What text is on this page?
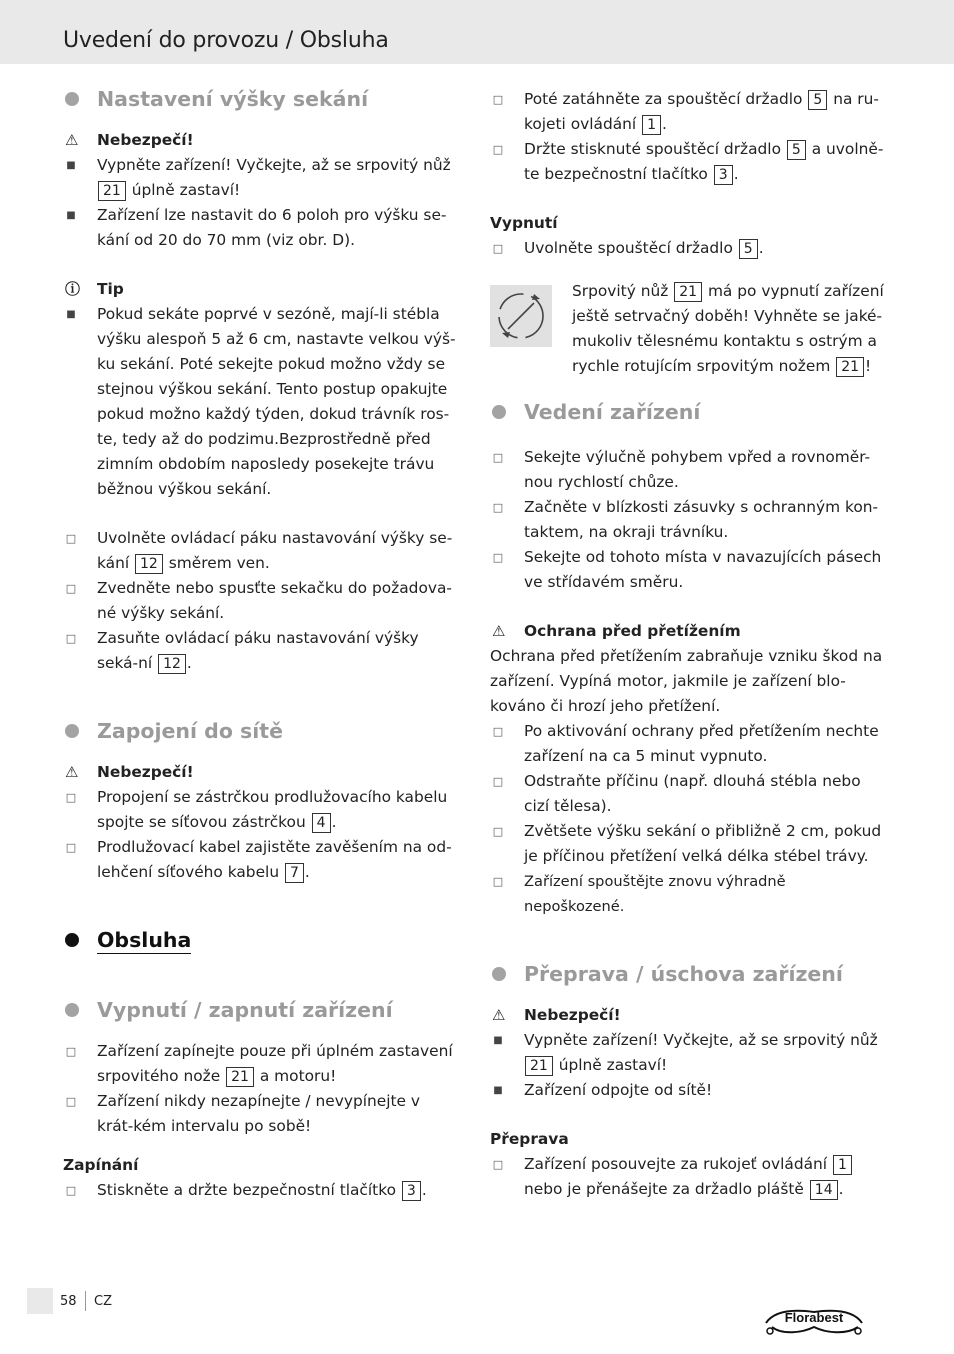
Uvedení do provozu / Obsluha
Nastavení výšky sekání
⚠ Nebezpečí!
■ Vypněte zařízení! Vyčkejte, až se srpovitý nůž 21 úplně zastaví!
■ Zařízení lze nastavit do 6 poloh pro výšku se-kání od 20 do 70 mm (viz obr. D).
ⓘ Tip
■ Pokud sekáte poprvé v sezóně, mají-li stébla výšku alespoň 5 až 6 cm, nastavte velkou výš-ku sekání. Poté sekejte pokud možno vždy se stejnou výškou sekání. Tento postup opakujte pokud možno každý týden, dokud trávník ros-te, tedy až do podzimu.Bezprostředně před zimním obdobím naposledy posekejte trávu běžnou výškou sekání.
□ Uvolněte ovládací páku nastavování výšky se-kání 12 směrem ven.
□ Zvedněte nebo spusťte sekačku do požadova-né výšky sekání.
□ Zasuňte ovládací páku nastavování výšky seká-ní 12 .
Zapojení do sítě
⚠ Nebezpečí!
□ Propojení se zástrčkou prodlužovacího kabelu spojte se síťovou zástrčkou 4 .
□ Prodlužovací kabel zajistěte zavěšením na od-lehčení síťového kabelu 7 .
Obsluha
Vypnutí / zapnutí zařízení
□ Zařízení zapínejte pouze při úplném zastavení srpovitého nože 21 a motoru!
□ Zařízení nikdy nezapínejte / nevypínejte v krát-kém intervalu po sobě!
Zapínání
□ Stiskněte a držte bezpečnostní tlačítko 3 .
□ Poté zatáhněte za spouštěcí držadlo 5 na ru-kojeti ovládání 1 .
□ Držte stisknuté spouštěcí držadlo 5 a uvolně-te bezpečnostní tlačítko 3 .
Vypnutí
□ Uvolněte spouštěcí držadlo 5 .
Srpovitý nůž 21 má po vypnutí zařízení ještě setrvačný doběh! Vyhněte se jaké-mukoliv tělesnému kontaktu s ostrým a rychle rotujícím srpovitým nožem 21 !
Vedení zařízení
□ Sekejte výlučně pohybem vpřed a rovnoměr-nou rychlostí chůze.
□ Začněte v blízkosti zásuvky s ochranným kon-taktem, na okraji trávníku.
□ Sekejte od tohoto místa v navazujících pásech ve střídavém směru.
⚠ Ochrana před přetížením
Ochrana před přetížením zabraňuje vzniku škod na zařízení. Vypíná motor, jakmile je zařízení blo-kováno či hrozí jeho přetížení.
□ Po aktivování ochrany před přetížením nechte zařízení na ca 5 minut vypnuto.
□ Odstraňte příčinu (např. dlouhá stébla nebo cizí tělesa).
□ Zvětšete výšku sekání o přibližně 2 cm, pokud je příčinou přetížení velká délka stébel trávy.
□ Zařízení spouštějte znovu výhradně nepoškozené.
Přeprava / úschova zařízení
⚠ Nebezpečí!
■ Vypněte zařízení! Vyčkejte, až se srpovitý nůž 21 úplně zastaví!
■ Zařízení odpojte od sítě!
Přeprava
□ Zařízení posouvejte za rukojeť ovládání 1 nebo je přenášejte za držadlo pláště 14 .
58 CZ
Florabest
